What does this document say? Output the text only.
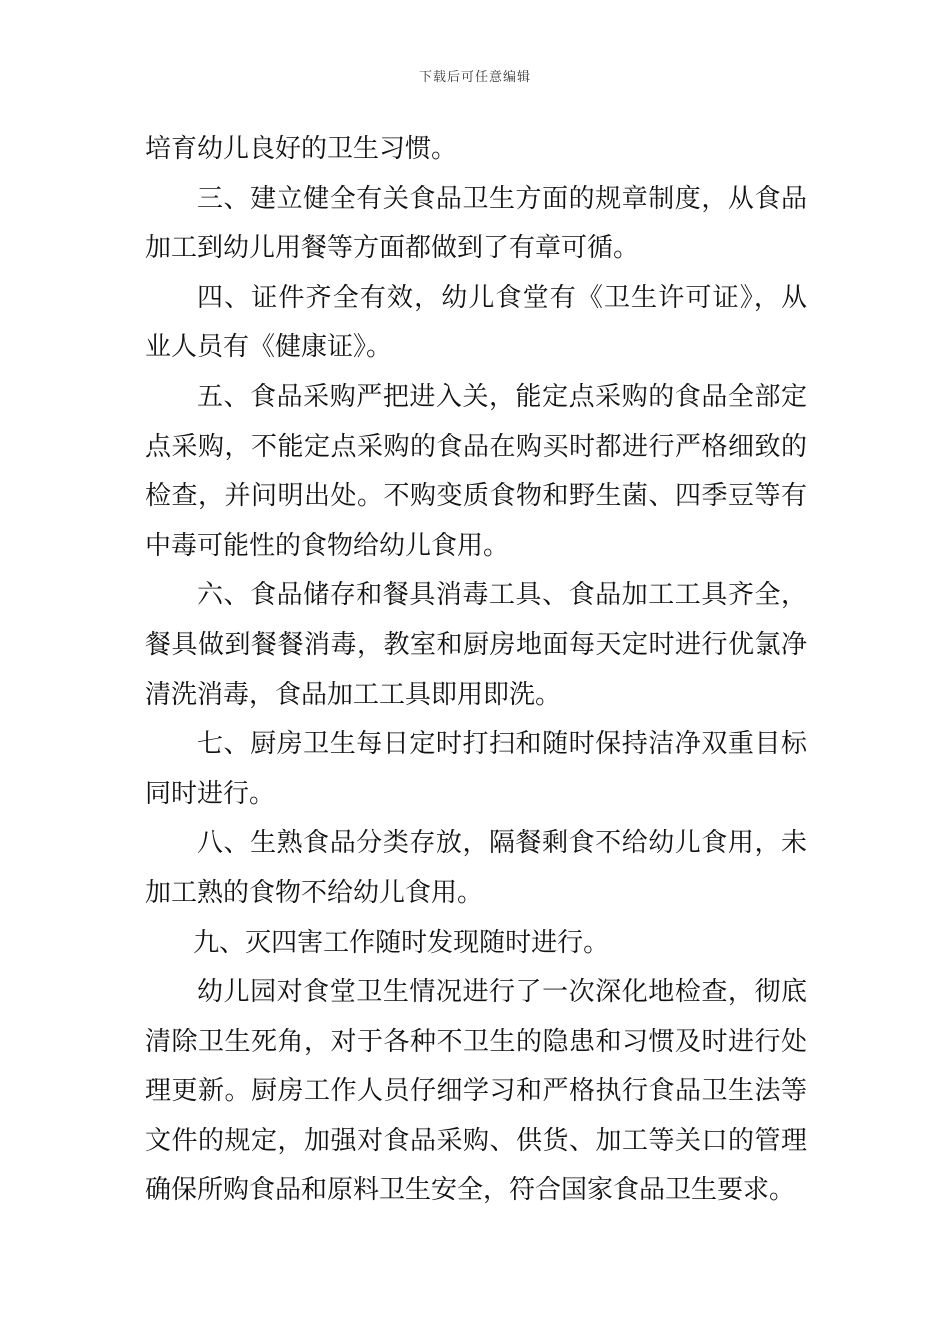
下载后可任意编辑

培育幼儿良好的卫生习惯。

三、建立健全有关食品卫生方面的规章制度，从食品加工到幼儿用餐等方面都做到了有章可循。

四、证件齐全有效，幼儿食堂有《卫生许可证》，从业人员有《健康证》。

五、食品采购严把进入关，能定点采购的食品全部定点采购，不能定点采购的食品在购买时都进行严格细致的检查，并问明出处。不购变质食物和野生菌、四季豆等有中毒可能性的食物给幼儿食用。

六、食品储存和餐具消毒工具、食品加工工具齐全，餐具做到餐餐消毒，教室和厨房地面每天定时进行优氯净清洗消毒，食品加工工具即用即洗。

七、厨房卫生每日定时打扫和随时保持洁净双重目标同时进行。

八、生熟食品分类存放，隔餐剩食不给幼儿食用，未加工熟的食物不给幼儿食用。

九、灭四害工作随时发现随时进行。

幼儿园对食堂卫生情况进行了一次深化地检查，彻底清除卫生死角，对于各种不卫生的隐患和习惯及时进行处理更新。厨房工作人员仔细学习和严格执行食品卫生法等文件的规定，加强对食品采购、供货、加工等关口的管理确保所购食品和原料卫生安全，符合国家食品卫生要求。
